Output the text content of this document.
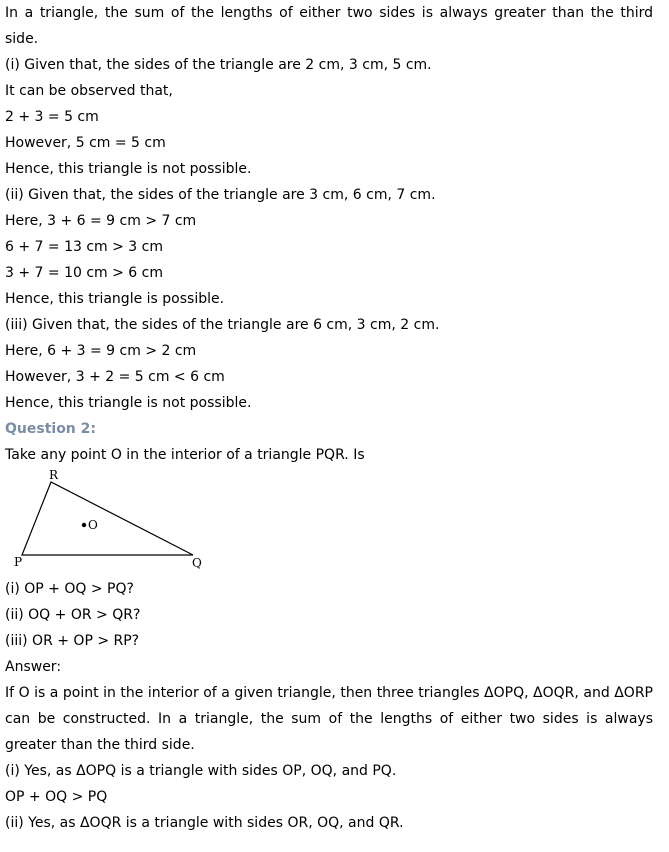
In a triangle, the sum of the lengths of either two sides is always greater than the third side.

(i) Given that, the sides of the triangle are 2 cm, 3 cm, 5 cm.

It can be observed that,

2 + 3 = 5 cm

However, 5 cm = 5 cm

Hence, this triangle is not possible.

(ii) Given that, the sides of the triangle are 3 cm, 6 cm, 7 cm.

Here, 3 + 6 = 9 cm > 7 cm

6 + 7 = 13 cm > 3 cm

3 + 7 = 10 cm > 6 cm

Hence, this triangle is possible.

(iii) Given that, the sides of the triangle are 6 cm, 3 cm, 2 cm.

Here, 6 + 3 = 9 cm > 2 cm

However, 3 + 2 = 5 cm < 6 cm

Hence, this triangle is not possible.

Question 2:

Take any point O in the interior of a triangle PQR. Is

R
O
P	Q

(i) OP + OQ > PQ?

(ii) OQ + OR > QR?

(iii) OR + OP > RP?

Answer:

If O is a point in the interior of a given triangle, then three triangles ΔOPQ, ΔOQR, and ΔORP can be constructed. In a triangle, the sum of the lengths of either two sides is always greater than the third side.

(i) Yes, as ΔOPQ is a triangle with sides OP, OQ, and PQ.

OP + OQ > PQ

(ii) Yes, as ΔOQR is a triangle with sides OR, OQ, and QR.
